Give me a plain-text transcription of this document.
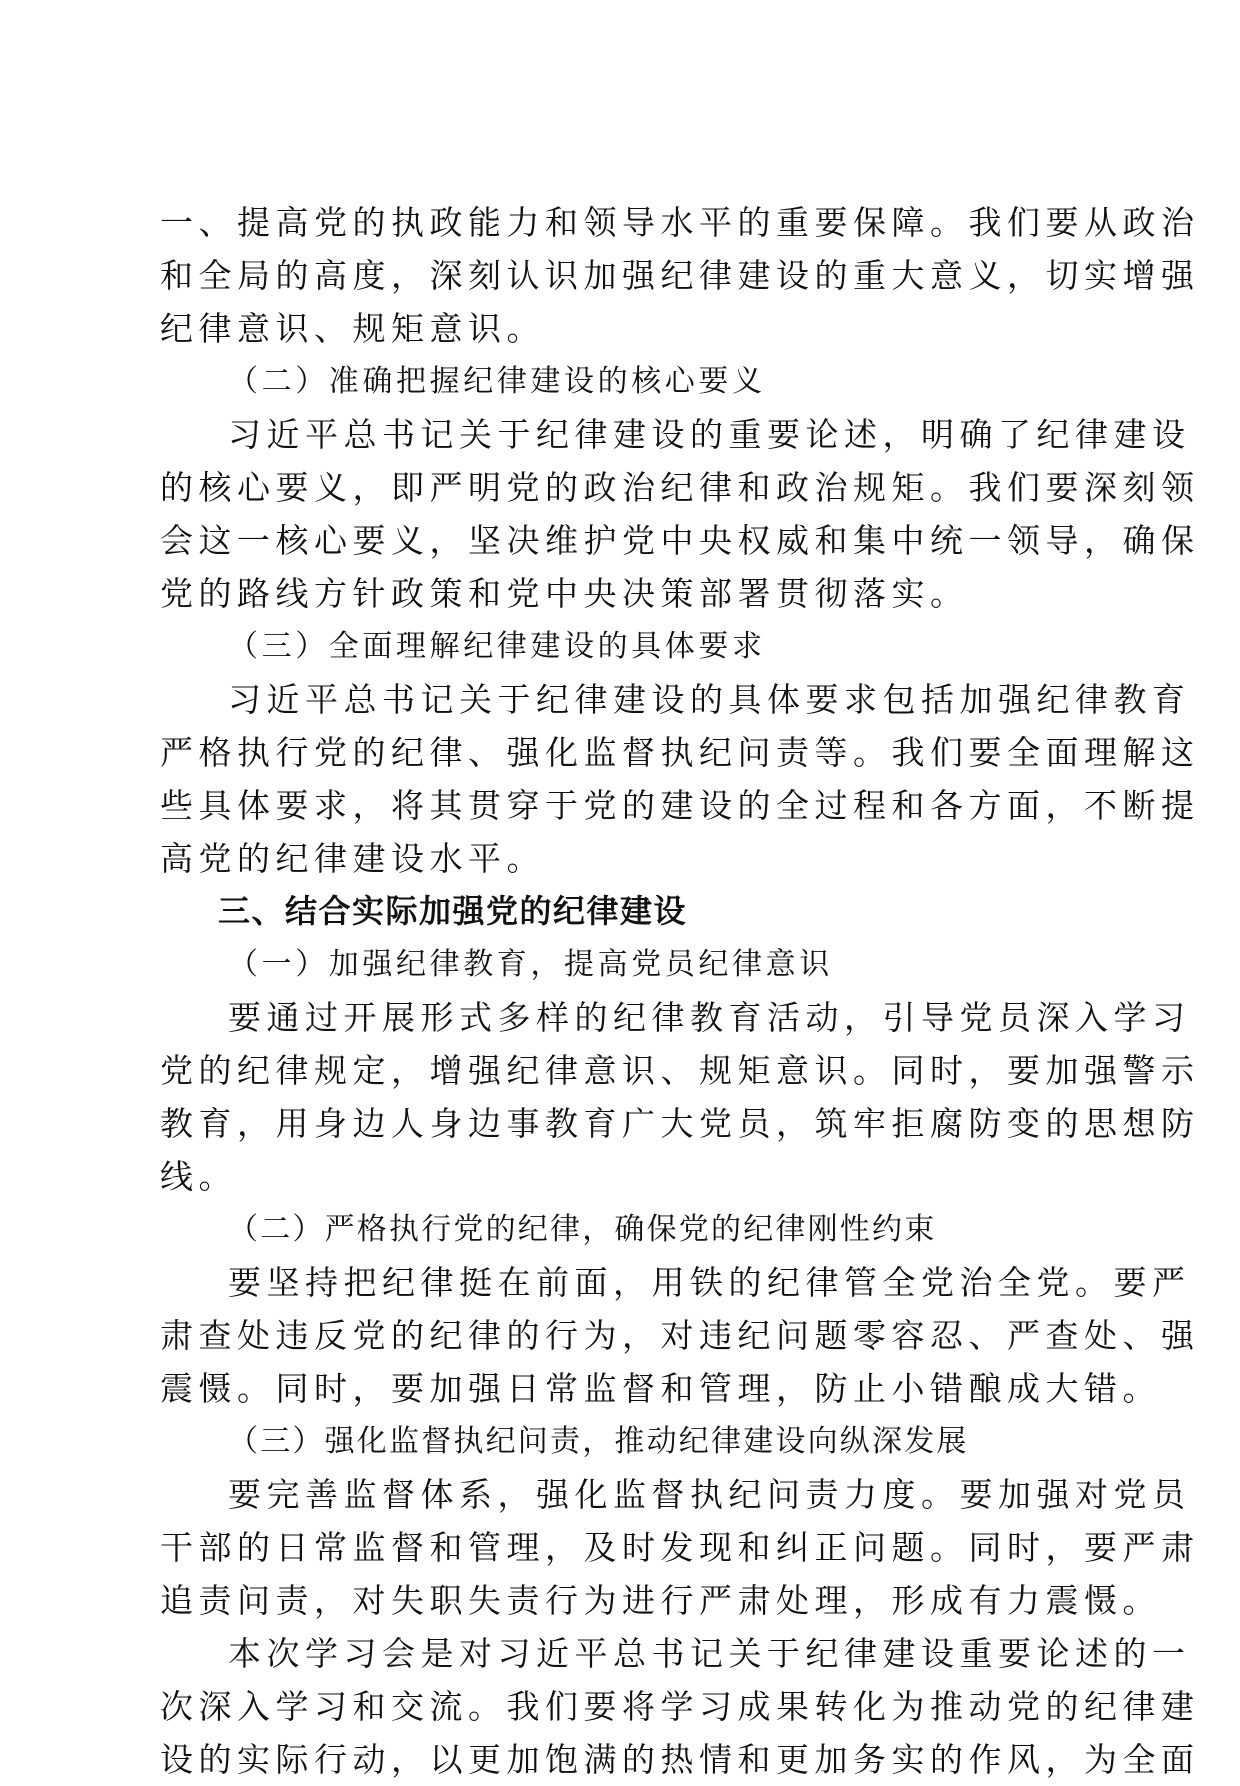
一、提高党的执政能力和领导水平的重要保障。我们要从政治
和全局的高度，深刻认识加强纪律建设的重大意义，切实增强
纪律意识、规矩意识。
（二）准确把握纪律建设的核心要义
习近平总书记关于纪律建设的重要论述，明确了纪律建设
的核心要义，即严明党的政治纪律和政治规矩。我们要深刻领
会这一核心要义，坚决维护党中央权威和集中统一领导，确保
党的路线方针政策和党中央决策部署贯彻落实。
（三）全面理解纪律建设的具体要求
习近平总书记关于纪律建设的具体要求包括加强纪律教育
严格执行党的纪律、强化监督执纪问责等。我们要全面理解这
些具体要求，将其贯穿于党的建设的全过程和各方面，不断提
高党的纪律建设水平。
三、结合实际加强党的纪律建设
（一）加强纪律教育，提高党员纪律意识
要通过开展形式多样的纪律教育活动，引导党员深入学习
党的纪律规定，增强纪律意识、规矩意识。同时，要加强警示
教育，用身边人身边事教育广大党员，筑牢拒腐防变的思想防
线。
（二）严格执行党的纪律，确保党的纪律刚性约束
要坚持把纪律挺在前面，用铁的纪律管全党治全党。要严
肃查处违反党的纪律的行为，对违纪问题零容忍、严查处、强
震慑。同时，要加强日常监督和管理，防止小错酿成大错。
（三）强化监督执纪问责，推动纪律建设向纵深发展
要完善监督体系，强化监督执纪问责力度。要加强对党员
干部的日常监督和管理，及时发现和纠正问题。同时，要严肃
追责问责，对失职失责行为进行严肃处理，形成有力震慑。
本次学习会是对习近平总书记关于纪律建设重要论述的一
次深入学习和交流。我们要将学习成果转化为推动党的纪律建
设的实际行动，以更加饱满的热情和更加务实的作风，为全面
